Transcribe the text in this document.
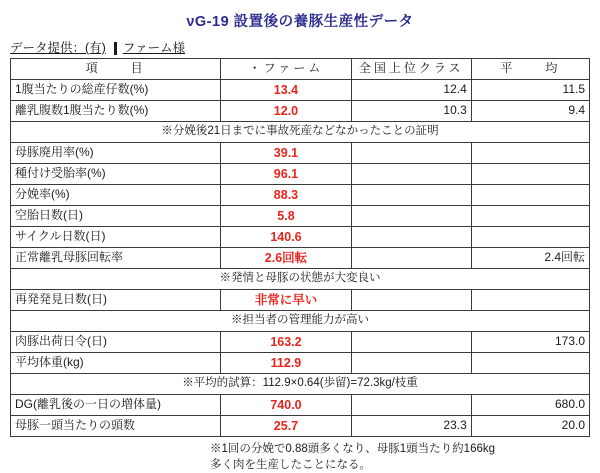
νG-19 設置後の養豚生産性データ
データ提供：(有) ファーム様
項　　目	・ファーム	全国上位クラス	平　　均
1腹当たりの総産仔数(%)	13.4	12.4	11.5
離乳腹数1腹当たり数(%)	12.0	10.3	9.4
※分娩後21日までに事故死産などなかったことの証明			
母豚廃用率(%)	39.1		
種付け受胎率(%)	96.1		
分娩率(%)	88.3		
空胎日数(日)	5.8		
サイクル日数(日)	140.6		
正常離乳母豚回転率	2.6回転		2.4回転
※発情と母豚の状態が大変良い			
再発発見日数(日)	非常に早い		
※担当者の管理能力が高い			
肉豚出荷日令(日)	163.2		173.0
平均体重(kg)	112.9		
※平均的試算：112.9×0.64(歩留)=72.3kg/枝重			
DG(離乳後の一日の増体量)	740.0		680.0
母豚一頭当たりの頭数	25.7	23.3	20.0
※1回の分娩で0.88頭多くなり、母豚1頭当たり約166kg
多く肉を生産したことになる。
